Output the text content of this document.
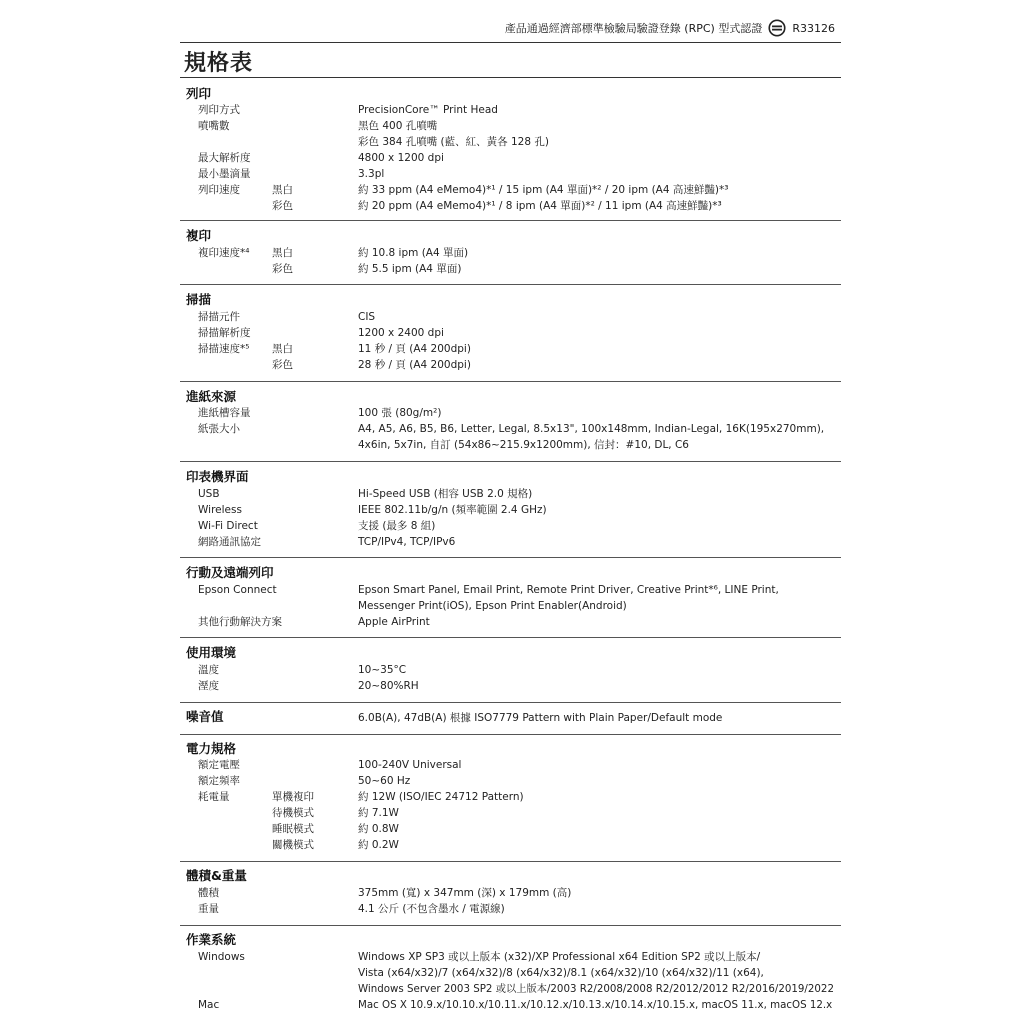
產品通過經濟部標準檢驗局驗證登錄 (RPC) 型式認證	R33126
規格表
列印
列印方式	PrecisionCore™ Print Head
噴嘴數	黑色 400 孔噴嘴
彩色 384 孔噴嘴 (藍、紅、黃各 128 孔)
最大解析度	4800 x 1200 dpi
最小墨滴量	3.3pl
列印速度	黑白	約 33 ppm (A4 eMemo4)*¹ / 15 ipm (A4 單面)*² / 20 ipm (A4 高速鮮豔)*³
彩色	約 20 ppm (A4 eMemo4)*¹ / 8 ipm (A4 單面)*² / 11 ipm (A4 高速鮮豔)*³
複印
複印速度*⁴ 黑白	約 10.8 ipm (A4 單面)
彩色	約 5.5 ipm (A4 單面)
掃描
掃描元件	CIS
掃描解析度	1200 x 2400 dpi
掃描速度*⁵ 黑白	11 秒 / 頁 (A4 200dpi)
彩色	28 秒 / 頁 (A4 200dpi)
進紙來源
進紙槽容量	100 張 (80g/m²)
紙張大小	A4, A5, A6, B5, B6, Letter, Legal, 8.5x13", 100x148mm, Indian-Legal, 16K(195x270mm),
4x6in, 5x7in, 自訂 (54x86~215.9x1200mm), 信封：#10, DL, C6
印表機界面
USB	Hi-Speed USB (相容 USB 2.0 規格)
Wireless	IEEE 802.11b/g/n (頻率範圍 2.4 GHz)
Wi-Fi Direct	支援 (最多 8 組)
網路通訊協定	TCP/IPv4, TCP/IPv6
行動及遠端列印
Epson Connect	Epson Smart Panel, Email Print, Remote Print Driver, Creative Print*⁶, LINE Print,
Messenger Print(iOS), Epson Print Enabler(Android)
其他行動解決方案	Apple AirPrint
使用環境
溫度	10~35°C
溼度	20~80%RH
噪音值	6.0B(A), 47dB(A) 根據 ISO7779 Pattern with Plain Paper/Default mode
電力規格
額定電壓	100-240V Universal
額定頻率	50~60 Hz
耗電量	單機複印	約 12W (ISO/IEC 24712 Pattern)
待機模式	約 7.1W
睡眠模式	約 0.8W
關機模式	約 0.2W
體積&重量
體積	375mm (寬) x 347mm (深) x 179mm (高)
重量	4.1 公斤 (不包含墨水 / 電源線)
作業系統
Windows	Windows XP SP3 或以上版本 (x32)/XP Professional x64 Edition SP2 或以上版本/
Vista (x64/x32)/7 (x64/x32)/8 (x64/x32)/8.1 (x64/x32)/10 (x64/x32)/11 (x64),
Windows Server 2003 SP2 或以上版本/2003 R2/2008/2008 R2/2012/2012 R2/2016/2019/2022
Mac	Mac OS X 10.9.x/10.10.x/10.11.x/10.12.x/10.13.x/10.14.x/10.15.x, macOS 11.x, macOS 12.x
